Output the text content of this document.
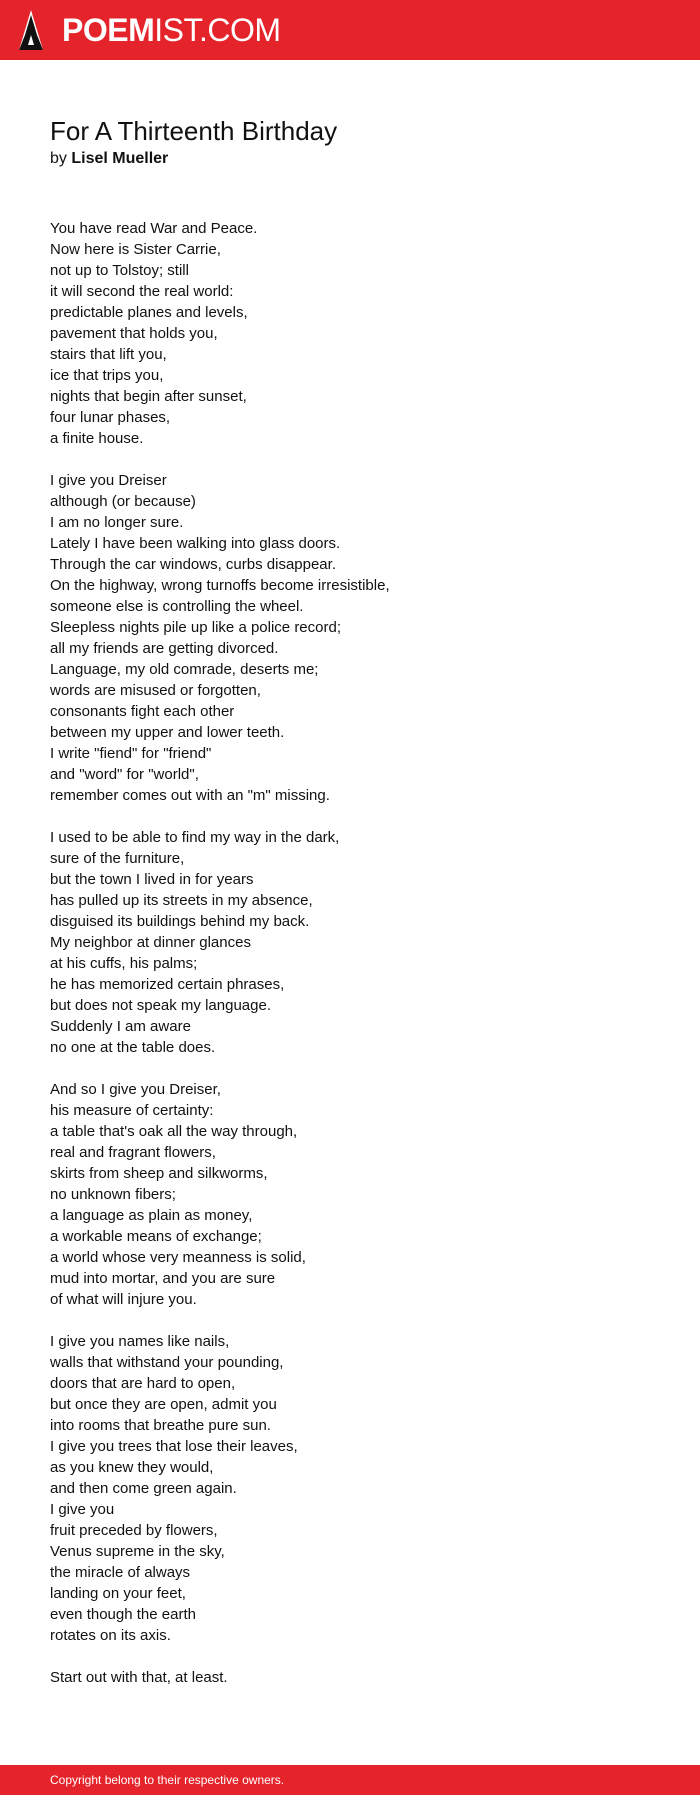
POEMIST.COM
For A Thirteenth Birthday
by Lisel Mueller
You have read War and Peace.
Now here is Sister Carrie,
not up to Tolstoy; still
it will second the real world:
predictable planes and levels,
pavement that holds you,
stairs that lift you,
ice that trips you,
nights that begin after sunset,
four lunar phases,
a finite house.
I give you Dreiser
although (or because)
I am no longer sure.
Lately I have been walking into glass doors.
Through the car windows, curbs disappear.
On the highway, wrong turnoffs become irresistible,
someone else is controlling the wheel.
Sleepless nights pile up like a police record;
all my friends are getting divorced.
Language, my old comrade, deserts me;
words are misused or forgotten,
consonants fight each other
between my upper and lower teeth.
I write "fiend" for "friend"
and "word" for "world",
remember comes out with an "m" missing.
I used to be able to find my way in the dark,
sure of the furniture,
but the town I lived in for years
has pulled up its streets in my absence,
disguised its buildings behind my back.
My neighbor at dinner glances
at his cuffs, his palms;
he has memorized certain phrases,
but does not speak my language.
Suddenly I am aware
no one at the table does.
And so I give you Dreiser,
his measure of certainty:
a table that's oak all the way through,
real and fragrant flowers,
skirts from sheep and silkworms,
no unknown fibers;
a language as plain as money,
a workable means of exchange;
a world whose very meanness is solid,
mud into mortar, and you are sure
of what will injure you.
I give you names like nails,
walls that withstand your pounding,
doors that are hard to open,
but once they are open, admit you
into rooms that breathe pure sun.
I give you trees that lose their leaves,
as you knew they would,
and then come green again.
I give you
fruit preceded by flowers,
Venus supreme in the sky,
the miracle of always
landing on your feet,
even though the earth
rotates on its axis.
Start out with that, at least.
Copyright belong to their respective owners.
